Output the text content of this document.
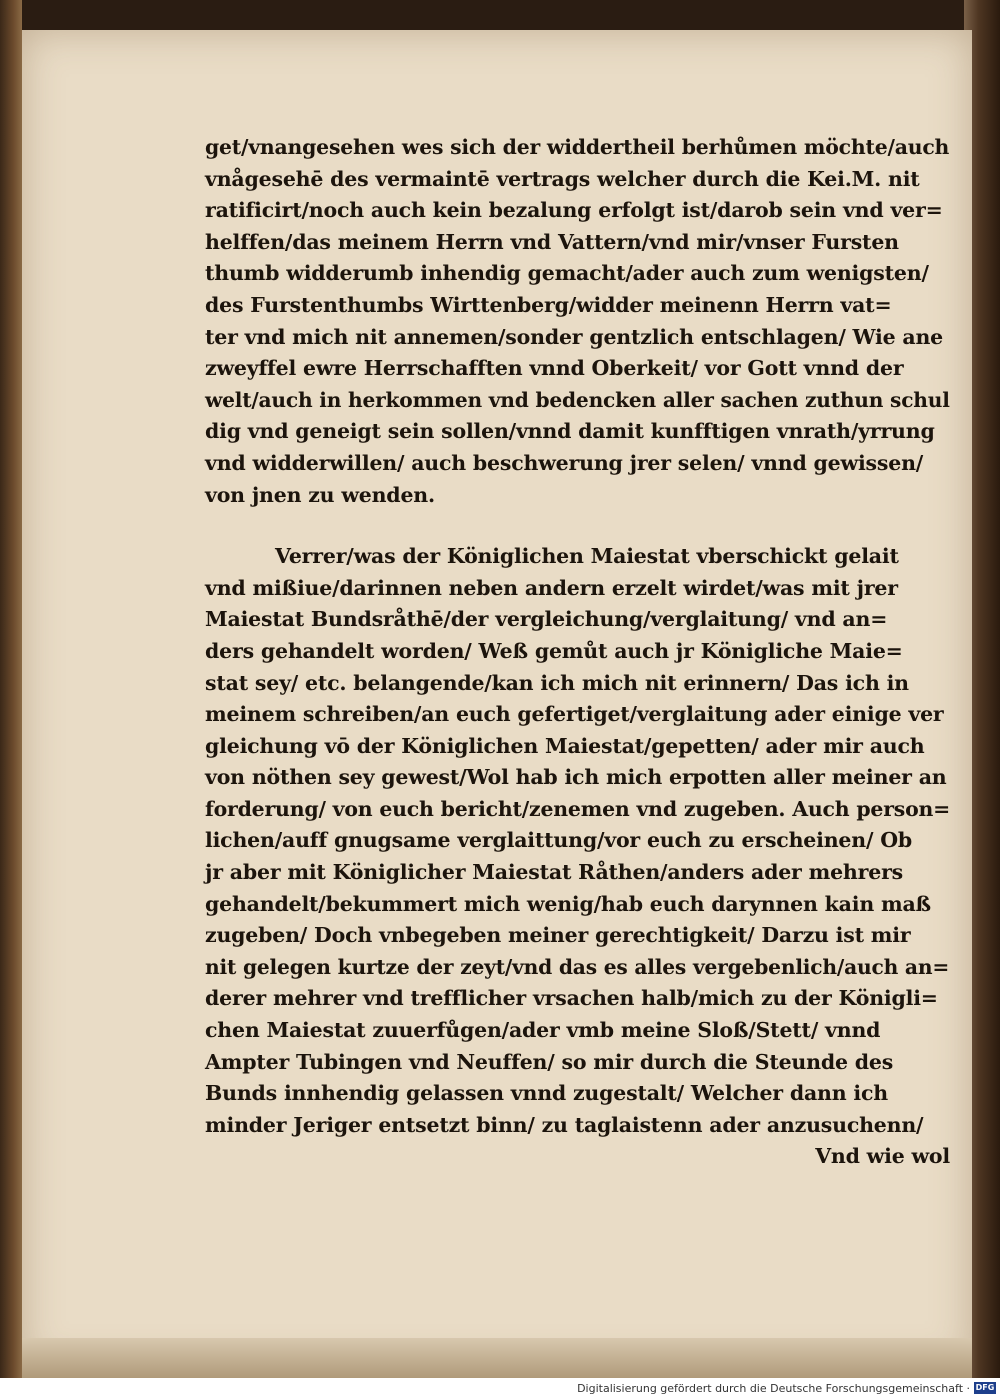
get/vnangesehen wes sich der widdertheil berhůmen möchte/auch
vnågesehē des vermaintē vertrags welcher durch die Kei.M. nit
ratificirt/noch auch kein bezalung erfolgt ist/darob sein vnd ver=
helffen/das meinem Herrn vnd Vattern/vnd mir/vnser Fursten
thumb widderumb inhendig gemacht/ader auch zum wenigsten/
des Furstenthumbs Wirttenberg/widder meinenn Herrn vat=
ter vnd mich nit annemen/sonder gentzlich entschlagen/ Wie ane
zweyffel ewre Herrschafften vnnd Oberkeit/ vor Gott vnnd der
welt/auch in herkommen vnd bedencken aller sachen zuthun schul
dig vnd geneigt sein sollen/vnnd damit kunfftigen vnrath/yrrung
vnd widderwillen/ auch beschwerung jrer selen/ vnnd gewissen/
von jnen zu wenden.
Verrer/was der Königlichen Maiestat vberschickt gelait
vnd mißiue/darinnen neben andern erzelt wirdet/was mit jrer
Maiestat Bundsråthē/der vergleichung/verglaitung/ vnd an=
ders gehandelt worden/ Weß gemůt auch jr Königliche Maie=
stat sey/ etc. belangende/kan ich mich nit erinnern/ Das ich in
meinem schreiben/an euch gefertiget/verglaitung ader einige ver
gleichung vō der Königlichen Maiestat/gepetten/ ader mir auch
von nöthen sey gewest/Wol hab ich mich erpotten aller meiner an
forderung/ von euch bericht/zenemen vnd zugeben. Auch person=
lichen/auff gnugsame verglaittung/vor euch zu erscheinen/ Ob
jr aber mit Königlicher Maiestat Råthen/anders ader mehrers
gehandelt/bekummert mich wenig/hab euch darynnen kain maß
zugeben/ Doch vnbegeben meiner gerechtigkeit/ Darzu ist mir
nit gelegen kurtze der zeyt/vnd das es alles vergebenlich/auch an=
derer mehrer vnd trefflicher vrsachen halb/mich zu der Königli=
chen Maiestat zuuerfůgen/ader vmb meine Sloß/Stett/ vnnd
Ampter Tubingen vnd Neuffen/ so mir durch die Steunde des
Bunds innhendig gelassen vnnd zugestalt/ Welcher dann ich
minder Jeriger entsetzt binn/ zu taglaistenn ader anzusuchenn/
Vnd wie wol
Digitalisierung gefördert durch die Deutsche Forschungsgemeinschaft · DFG
